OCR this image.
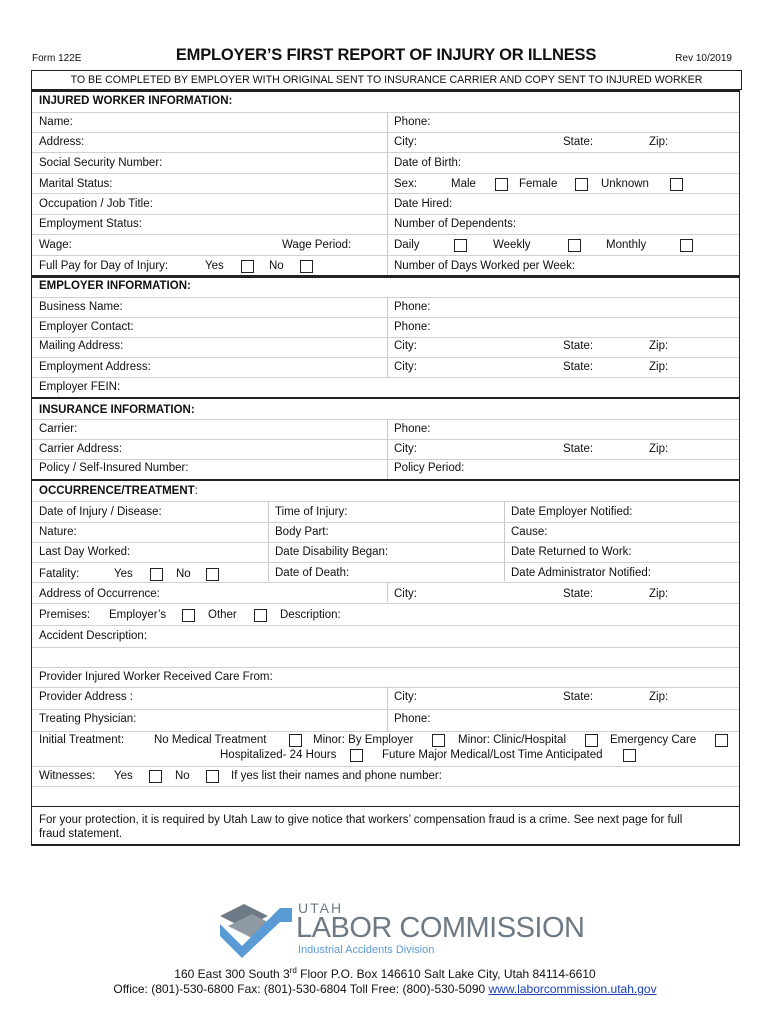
Form 122E	EMPLOYER’S FIRST REPORT OF INJURY OR ILLNESS	Rev 10/2019
TO BE COMPLETED BY EMPLOYER WITH ORIGINAL SENT TO INSURANCE CARRIER AND COPY SENT TO INJURED WORKER
INJURED WORKER INFORMATION:
Name:	Phone:
Address:	City:	State:	Zip:
Social Security Number:	Date of Birth:
Marital Status:	Sex:	Male	Female	Unknown
Occupation / Job Title:	Date Hired:
Employment Status:	Number of Dependents:
Wage:	Wage Period:	Daily	Weekly	Monthly
Full Pay for Day of Injury:	Yes	No	Number of Days Worked per Week:
EMPLOYER INFORMATION:
Business Name:	Phone:
Employer Contact:	Phone:
Mailing Address:	City:	State:	Zip:
Employment Address:	City:	State:	Zip:
Employer FEIN:
INSURANCE INFORMATION:
Carrier:	Phone:
Carrier Address:	City:	State:	Zip:
Policy / Self-Insured Number:	Policy Period:
OCCURRENCE/TREATMENT:
Date of Injury / Disease:	Time of Injury:	Date Employer Notified:
Nature:	Body Part:	Cause:
Last Day Worked:	Date Disability Began:	Date Returned to Work:
Fatality:	Yes	No	Date of Death:	Date Administrator Notified:
Address of Occurrence:	City:	State:	Zip:
Premises: Employer’s	Other	Description:
Accident Description:
Provider Injured Worker Received Care From:
Provider Address :	City:	State:	Zip:
Treating Physician:	Phone:
Initial Treatment:	No Medical Treatment	Minor: By Employer	Minor: Clinic/Hospital	Emergency Care
Hospitalized- 24 Hours	Future Major Medical/Lost Time Anticipated
Witnesses: Yes	No	If yes list their names and phone number:
For your protection, it is required by Utah Law to give notice that workers’ compensation fraud is a crime. See next page for full
fraud statement.
UTAH
LABOR COMMISSION
Industrial Accidents Division
160 East 300 South 3rd Floor P.O. Box 146610 Salt Lake City, Utah 84114-6610
Office: (801)-530-6800 Fax: (801)-530-6804 Toll Free: (800)-530-5090 www.laborcommission.utah.gov
